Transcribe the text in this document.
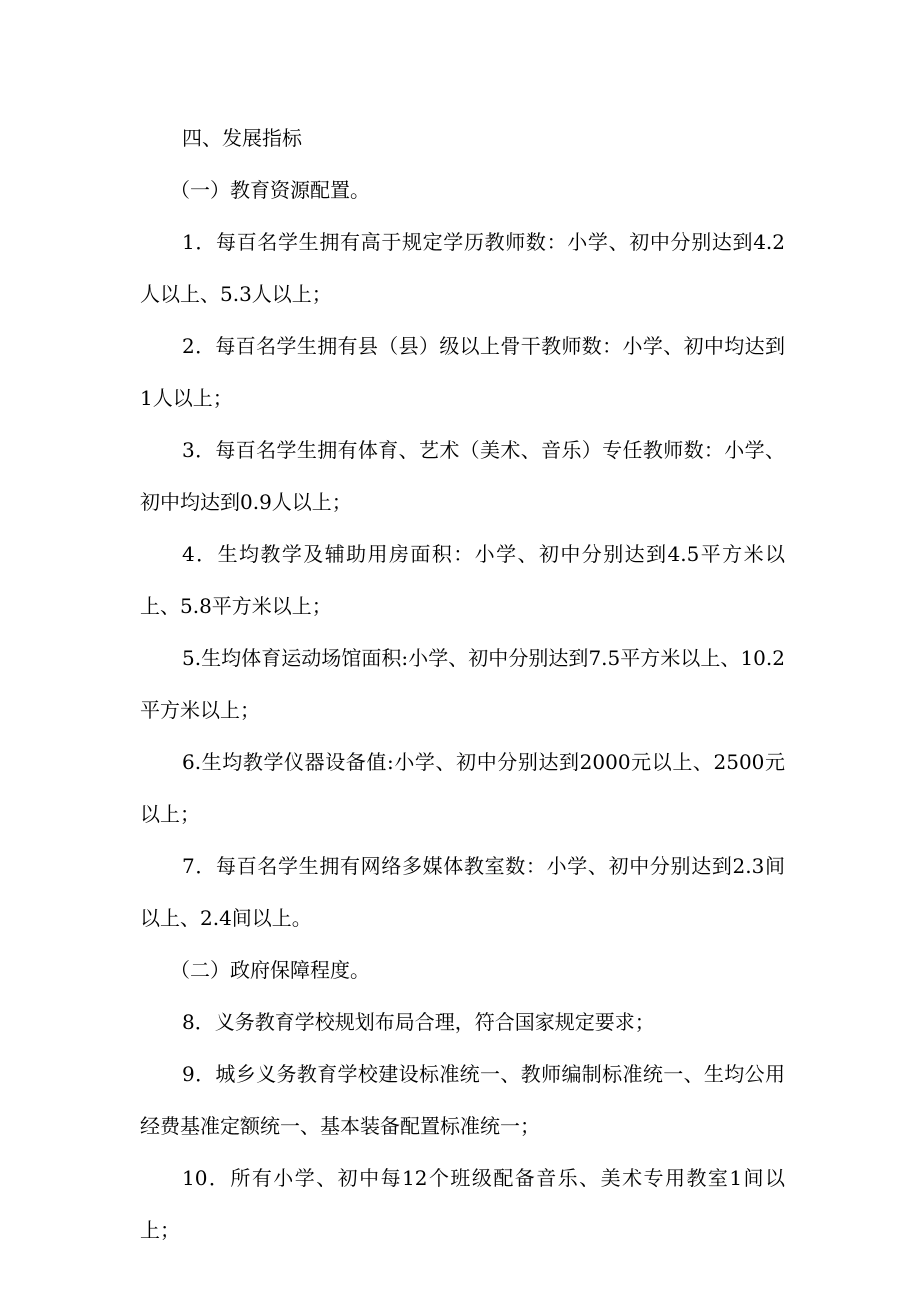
四、发展指标

（一）教育资源配置。

1．每百名学生拥有高于规定学历教师数：小学、初中分别达到4.2人以上、5.3人以上；

2．每百名学生拥有县（县）级以上骨干教师数：小学、初中均达到1人以上；

3．每百名学生拥有体育、艺术（美术、音乐）专任教师数：小学、初中均达到0.9人以上；

4．生均教学及辅助用房面积：小学、初中分别达到4.5平方米以上、5.8平方米以上；

5.生均体育运动场馆面积:小学、初中分别达到7.5平方米以上、10.2平方米以上；

6.生均教学仪器设备值:小学、初中分别达到2000元以上、2500元以上；

7．每百名学生拥有网络多媒体教室数：小学、初中分别达到2.3间以上、2.4间以上。

（二）政府保障程度。

8．义务教育学校规划布局合理，符合国家规定要求；

9．城乡义务教育学校建设标准统一、教师编制标准统一、生均公用经费基准定额统一、基本装备配置标准统一；

10．所有小学、初中每12个班级配备音乐、美术专用教室1间以上；
